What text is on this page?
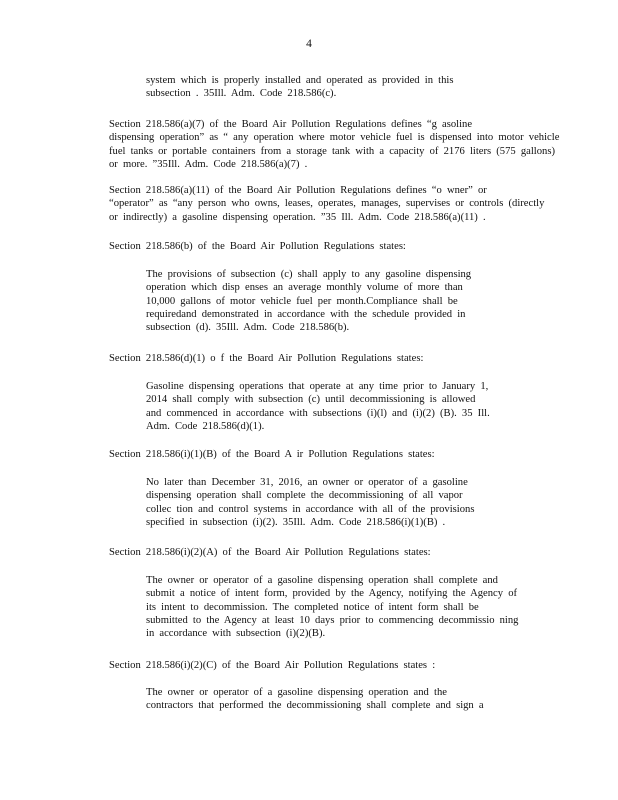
4
system which is properly installed and operated as provided in this
subsection . 35Ill. Adm. Code 218.586(c).
Section 218.586(a)(7) of the Board Air Pollution Regulations defines “g asoline
dispensing operation” as “ any operation where motor vehicle fuel is dispensed into motor vehicle
fuel tanks or portable containers from a storage tank with a capacity of 2176 liters (575 gallons)
or more. ”35Ill. Adm. Code 218.586(a)(7) .
Section 218.586(a)(11) of the Board Air Pollution Regulations defines “o wner” or
“operator” as “any person who owns, leases, operates, manages, supervises or controls (directly
or indirectly) a gasoline dispensing operation. ”35 Ill. Adm. Code 218.586(a)(11) .
Section 218.586(b) of the Board Air Pollution Regulations states:
The provisions of subsection (c) shall apply to any gasoline dispensing
operation which disp enses an average monthly volume of more than
10,000 gallons of motor vehicle fuel per month.Compliance shall be
requiredand demonstrated in accordance with the schedule provided in
subsection (d). 35Ill. Adm. Code 218.586(b).
Section 218.586(d)(1) o f the Board Air Pollution Regulations states:
Gasoline dispensing operations that operate at any time prior to January 1,
2014 shall comply with subsection (c) until decommissioning is allowed
and commenced in accordance with subsections (i)(l) and (i)(2) (B). 35 Ill.
Adm. Code 218.586(d)(1).
Section 218.586(i)(1)(B) of the Board A ir Pollution Regulations states:
No later than December 31, 2016, an owner or operator of a gasoline
dispensing operation shall complete the decommissioning of all vapor
collec tion and control systems in accordance with all of the provisions
specified in subsection (i)(2). 35Ill. Adm. Code 218.586(i)(1)(B) .
Section 218.586(i)(2)(A) of the Board Air Pollution Regulations states:
The owner or operator of a gasoline dispensing operation shall complete and
submit a notice of intent form, provided by the Agency, notifying the Agency of
its intent to decommission. The completed notice of intent form shall be
submitted to the Agency at least 10 days prior to commencing decommissio ning
in accordance with subsection (i)(2)(B).
Section 218.586(i)(2)(C) of the Board Air Pollution Regulations states :
The owner or operator of a gasoline dispensing operation and the
contractors that performed the decommissioning shall complete and sign a
